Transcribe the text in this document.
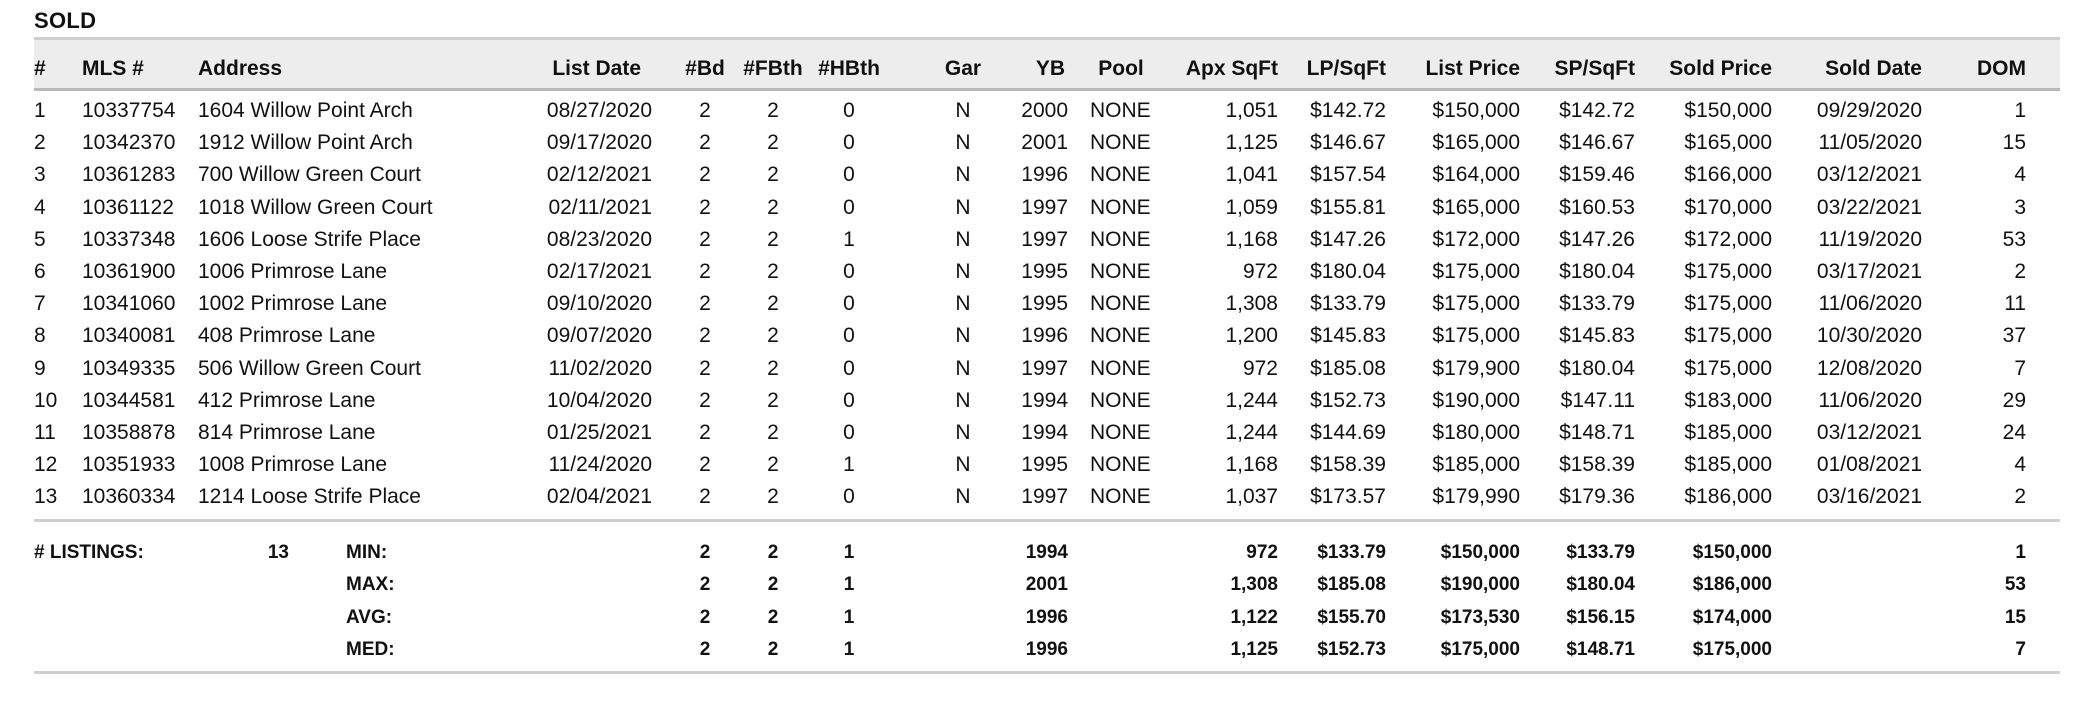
SOLD
# MLS #	Address	List Date	#Bd #FBth #HBth	Gar	YB	Pool	Apx SqFt	LP/SqFt	List Price	SP/SqFt	Sold Price	Sold Date	DOM
1 10337754 1604 Willow Point Arch	08/27/2020	2	2	0	N	2000 NONE	1,051	$142.72	$150,000	$142.72	$150,000	09/29/2020	1
2 10342370 1912 Willow Point Arch	09/17/2020	2	2	0	N	2001 NONE	1,125	$146.67	$165,000	$146.67	$165,000	11/05/2020	15
3 10361283 700 Willow Green Court	02/12/2021	2	2	0	N	1996 NONE	1,041	$157.54	$164,000	$159.46	$166,000	03/12/2021	4
4 10361122 1018 Willow Green Court	02/11/2021	2	2	0	N	1997 NONE	1,059	$155.81	$165,000	$160.53	$170,000	03/22/2021	3
5 10337348 1606 Loose Strife Place	08/23/2020	2	2	1	N	1997 NONE	1,168	$147.26	$172,000	$147.26	$172,000	11/19/2020	53
6 10361900 1006 Primrose Lane	02/17/2021	2	2	0	N	1995 NONE	972	$180.04	$175,000	$180.04	$175,000	03/17/2021	2
7 10341060 1002 Primrose Lane	09/10/2020	2	2	0	N	1995 NONE	1,308	$133.79	$175,000	$133.79	$175,000	11/06/2020	11
8 10340081 408 Primrose Lane	09/07/2020	2	2	0	N	1996 NONE	1,200	$145.83	$175,000	$145.83	$175,000	10/30/2020	37
9 10349335 506 Willow Green Court	11/02/2020	2	2	0	N	1997 NONE	972	$185.08	$179,900	$180.04	$175,000	12/08/2020	7
10 10344581 412 Primrose Lane	10/04/2020	2	2	0	N	1994 NONE	1,244	$152.73	$190,000	$147.11	$183,000	11/06/2020	29
11 10358878 814 Primrose Lane	01/25/2021	2	2	0	N	1994 NONE	1,244	$144.69	$180,000	$148.71	$185,000	03/12/2021	24
12 10351933 1008 Primrose Lane	11/24/2020	2	2	1	N	1995 NONE	1,168	$158.39	$185,000	$158.39	$185,000	01/08/2021	4
13 10360334 1214 Loose Strife Place	02/04/2021	2	2	0	N	1997 NONE	1,037	$173.57	$179,990	$179.36	$186,000	03/16/2021	2
# LISTINGS:	13	MIN:	2	2	1	1994	972	$133.79	$150,000	$133.79	$150,000	1
MAX:	2	2	1	2001	1,308	$185.08	$190,000	$180.04	$186,000	53
AVG:	2	2	1	1996	1,122	$155.70	$173,530	$156.15	$174,000	15
MED:	2	2	1	1996	1,125	$152.73	$175,000	$148.71	$175,000	7
